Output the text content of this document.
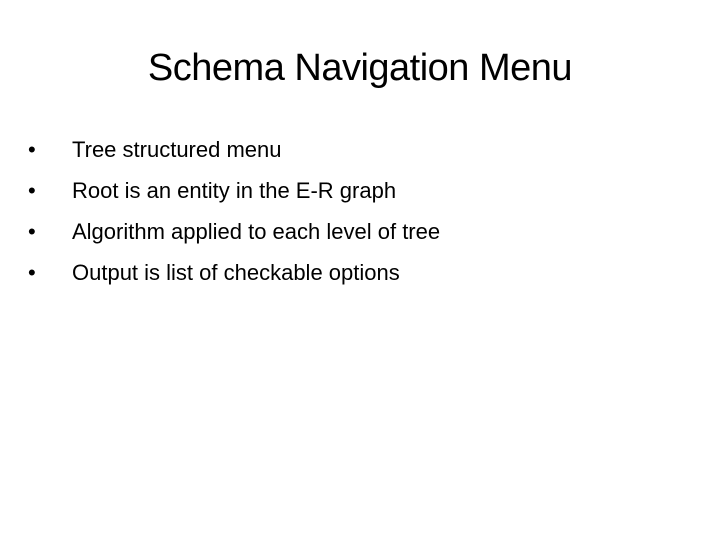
Schema Navigation Menu
•	Tree structured menu
•	Root is an entity in the E-R graph
•	Algorithm applied to each level of tree
•	Output is list of checkable options
